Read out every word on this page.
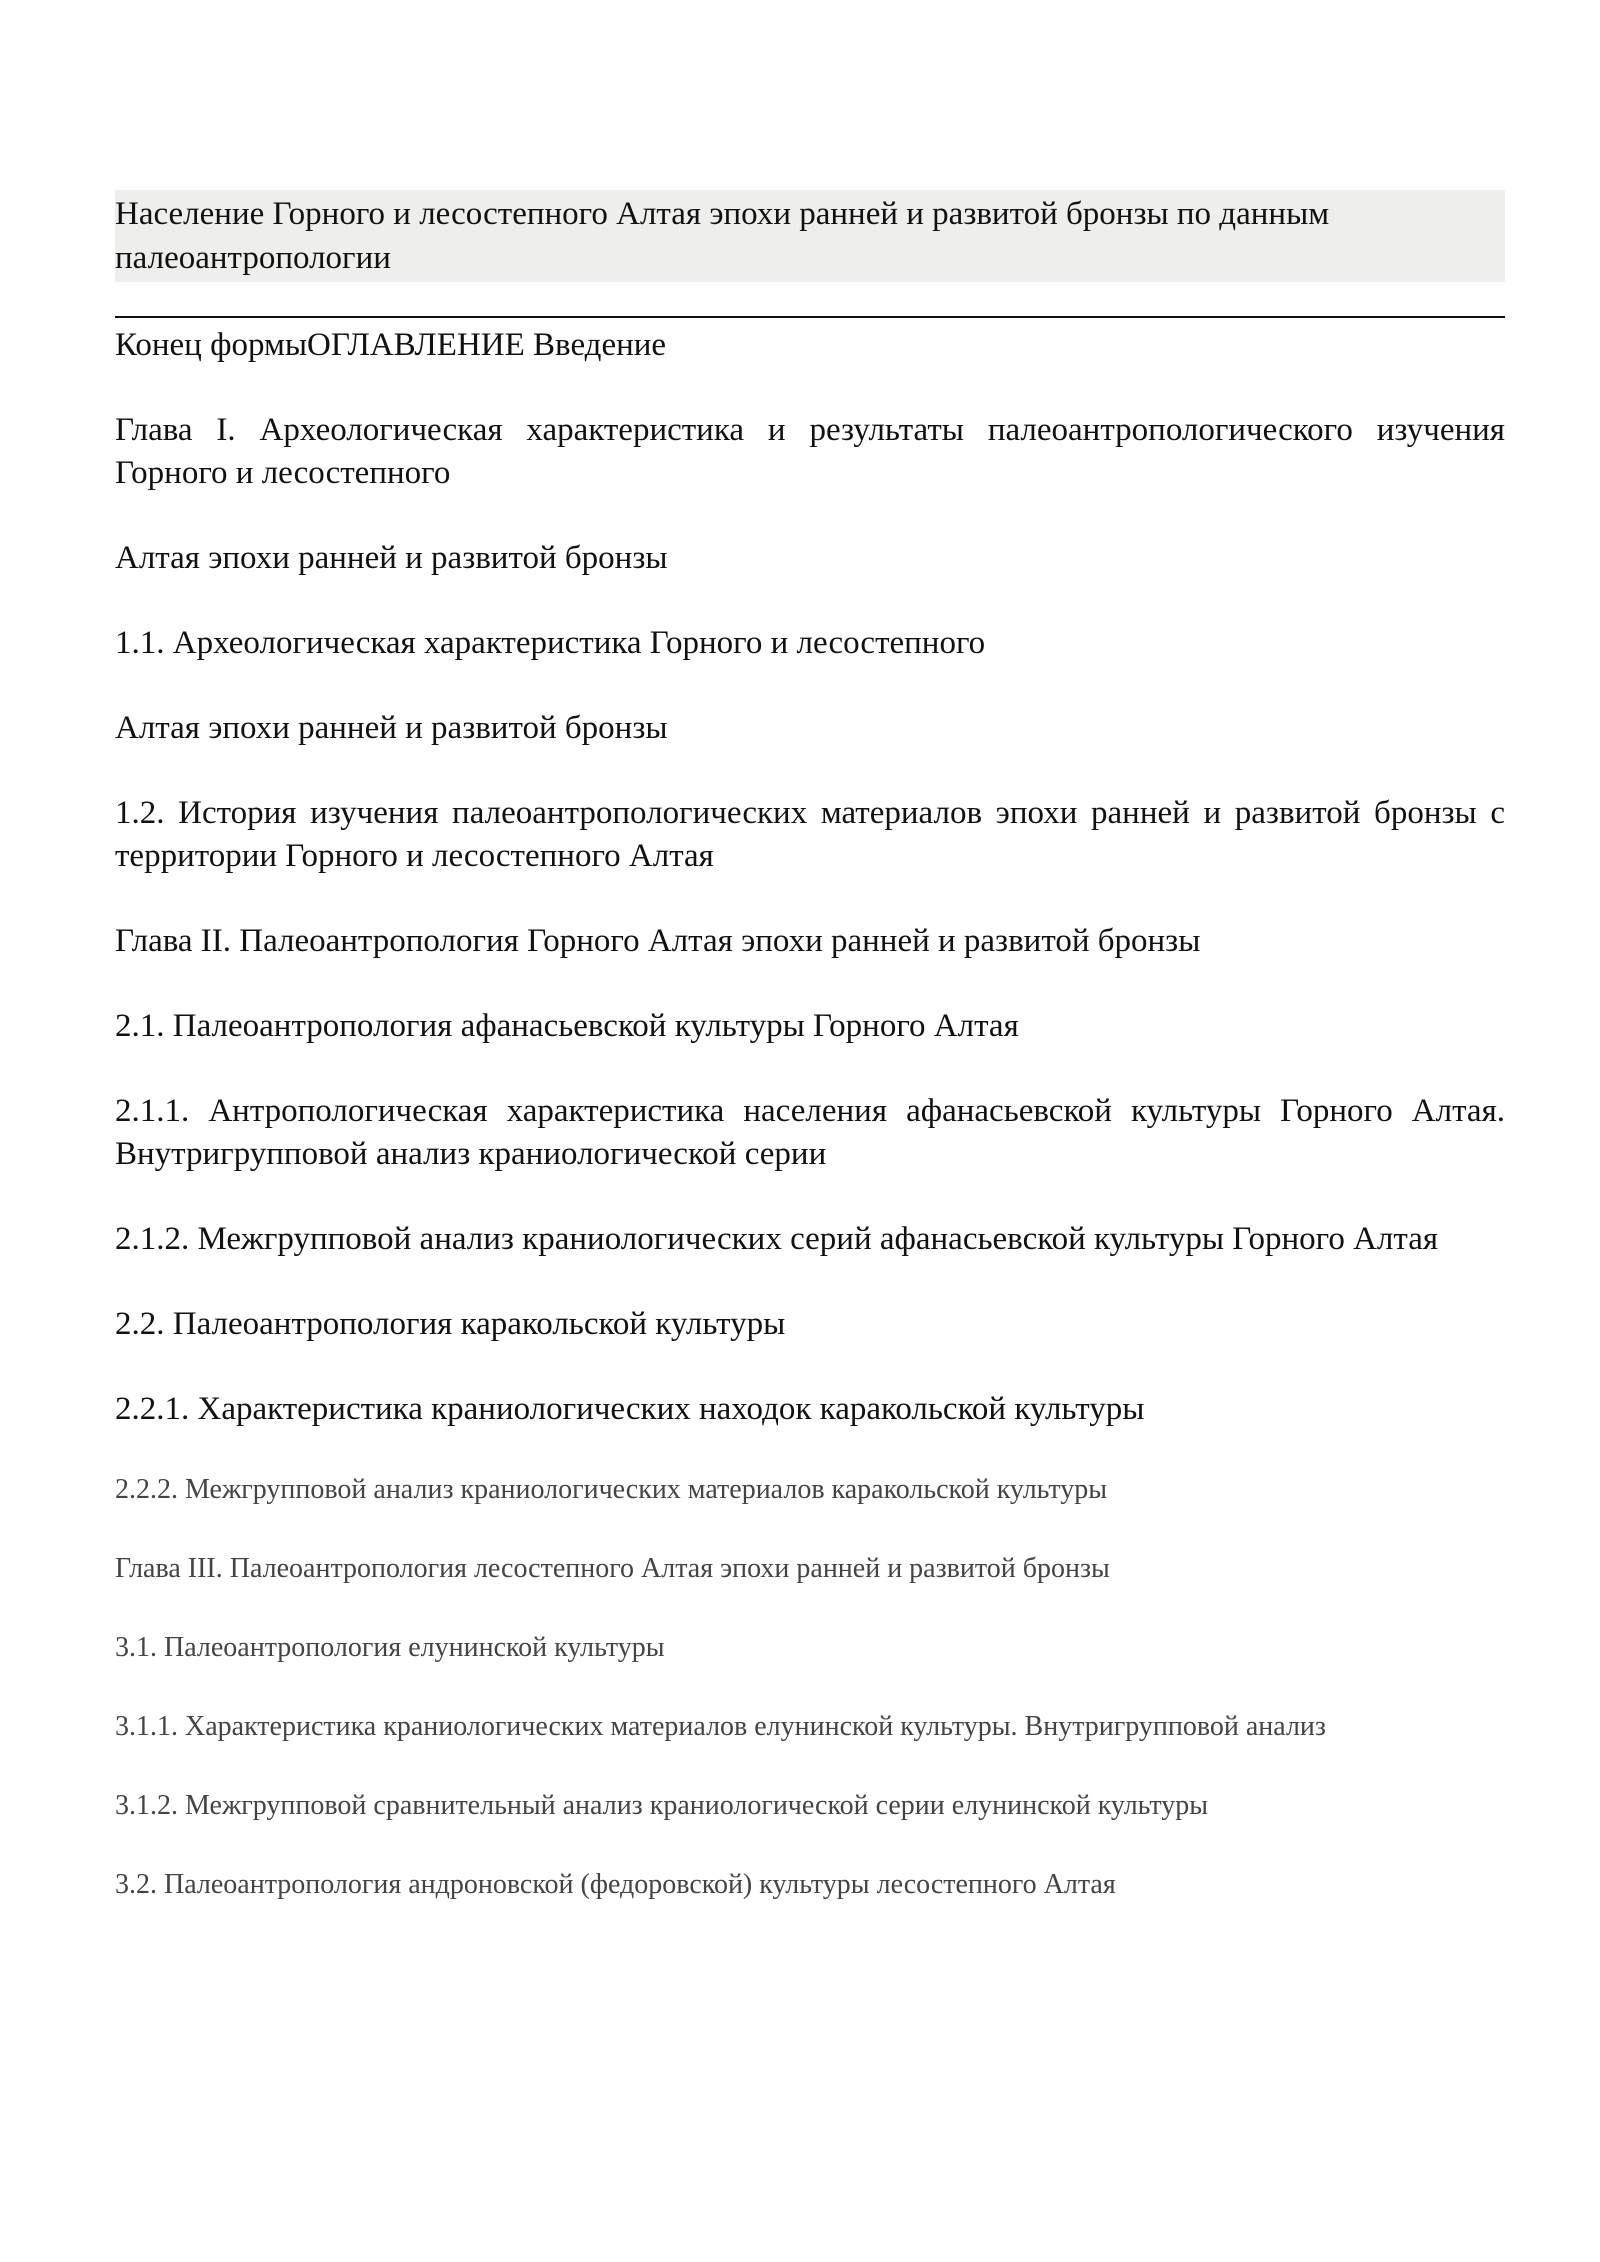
Население Горного и лесостепного Алтая эпохи ранней и развитой бронзы по данным палеоантропологии
Конец формыОГЛАВЛЕНИЕ Введение
Глава I. Археологическая характеристика и результаты палеоантропологического изучения Горного и лесостепного
Алтая эпохи ранней и развитой бронзы
1.1. Археологическая характеристика Горного и лесостепного
Алтая эпохи ранней и развитой бронзы
1.2. История изучения палеоантропологических материалов эпохи ранней и развитой бронзы с территории Горного и лесостепного Алтая
Глава II. Палеоантропология Горного Алтая эпохи ранней и развитой бронзы
2.1. Палеоантропология афанасьевской культуры Горного Алтая
2.1.1. Антропологическая характеристика населения афанасьевской культуры Горного Алтая. Внутригрупповой анализ краниологической серии
2.1.2. Межгрупповой анализ краниологических серий афанасьевской культуры Горного Алтая
2.2. Палеоантропология каракольской культуры
2.2.1. Характеристика краниологических находок каракольской культуры
2.2.2. Межгрупповой анализ краниологических материалов каракольской культуры
Глава III. Палеоантропология лесостепного Алтая эпохи ранней и развитой бронзы
3.1. Палеоантропология елунинской культуры
3.1.1. Характеристика краниологических материалов елунинской культуры. Внутригрупповой анализ
3.1.2. Межгрупповой сравнительный анализ краниологической серии елунинской культуры
3.2. Палеоантропология андроновской (федоровской) культуры лесостепного Алтая
